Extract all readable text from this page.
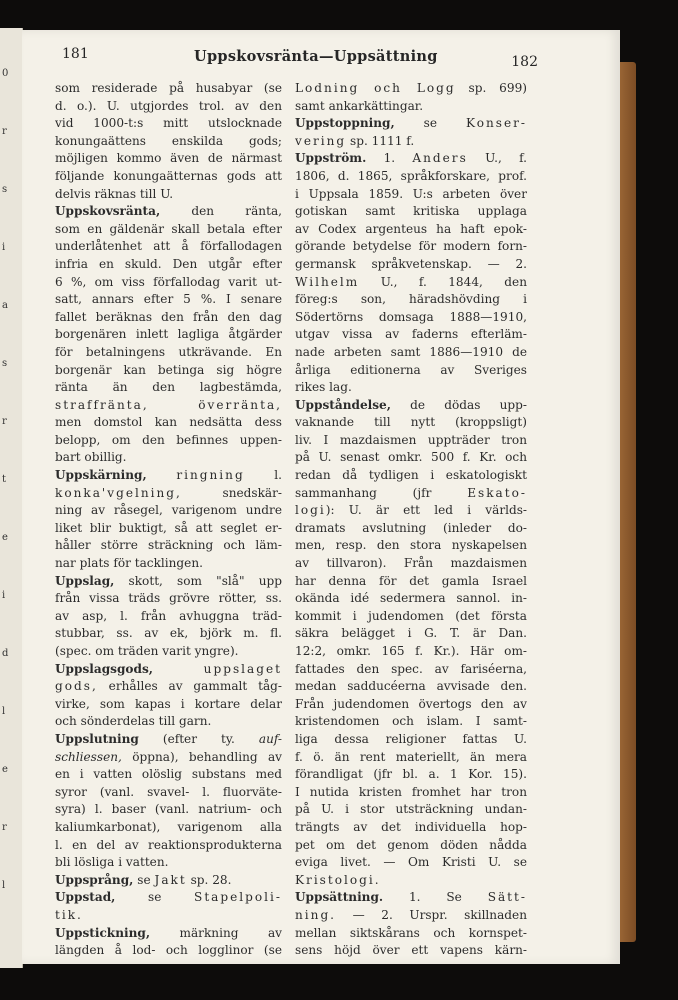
0
r
s
i
a
s
r
t
e
i
d
l
e
r
l
181	Uppskovsränta—Uppsättning	182
som residerade på husabyar (se
d. o.). U. utgjordes trol. av den
vid 1000-t:s mitt utslocknade
konungaättens enskilda gods;
möjligen kommo även de närmast
följande konungaätternas gods att
delvis räknas till U.
Uppskovsränta, den ränta,
som en gäldenär skall betala efter
underlåtenhet att å förfallodagen
infria en skuld. Den utgår efter
6 %, om viss förfallodag varit ut-
satt, annars efter 5 %. I senare
fallet beräknas den från den dag
borgenären inlett lagliga åtgärder
för betalningens utkrävande. En
borgenär kan betinga sig högre
ränta än den lagbestämda,
straffränta, överränta,
men domstol kan nedsätta dess
belopp, om den befinnes uppen-
bart obillig.
Uppskärning, ringning l.
konka'vgelning, snedskär-
ning av råsegel, varigenom undre
liket blir buktigt, så att seglet er-
håller större sträckning och läm-
nar plats för tacklingen.
Uppslag, skott, som "slå" upp
från vissa träds grövre rötter, ss.
av asp, l. från avhuggna träd-
stubbar, ss. av ek, björk m. fl.
(spec. om träden varit yngre).
Uppslagsgods,	uppslaget
gods, erhålles av gammalt tåg-
virke, som kapas i kortare delar
och sönderdelas till garn.
Uppslutning (efter ty. auf-
schliessen, öppna), behandling av
en i vatten olöslig substans med
syror (vanl. svavel- l. fluorväte-
syra) l. baser (vanl. natrium- och
kaliumkarbonat), varigenom alla
l. en del av reaktionsprodukterna
bli lösliga i vatten.
Uppsprång, se Jakt sp. 28.
Uppstad, se Stapelpoli-
tik.
Uppstickning, märkning av
längden å lod- och logglinor (se
Lodning och Logg sp. 699)
samt ankarkättingar.
Uppstoppning, se Konser-
vering sp. 1111 f.
Uppström. 1. Anders U., f.
1806, d. 1865, språkforskare, prof.
i Uppsala 1859. U:s arbeten över
gotiskan samt kritiska upplaga
av Codex argenteus ha haft epok-
görande betydelse för modern forn-
germansk språkvetenskap. — 2.
Wilhelm U., f. 1844, den
föreg:s son, häradshövding i
Södertörns domsaga 1888—1910,
utgav vissa av faderns efterläm-
nade arbeten samt 1886—1910 de
årliga editionerna av Sveriges
rikes lag.
Uppståndelse, de dödas upp-
vaknande till nytt (kroppsligt)
liv. I mazdaismen uppträder tron
på U. senast omkr. 500 f. Kr. och
redan då tydligen i eskatologiskt
sammanhang (jfr Eskato-
logi): U. är ett led i världs-
dramats avslutning (inleder do-
men, resp. den stora nyskapelsen
av tillvaron). Från mazdaismen
har denna för det gamla Israel
okända idé sedermera sannol. in-
kommit i judendomen (det första
säkra belägget i G. T. är Dan.
12:2, omkr. 165 f. Kr.). Här om-
fattades den spec. av fariséerna,
medan sadducéerna avvisade den.
Från judendomen övertogs den av
kristendomen och islam. I samt-
liga dessa religioner fattas U.
f. ö. än rent materiellt, än mera
förandligat (jfr bl. a. 1 Kor. 15).
I nutida kristen fromhet har tron
på U. i stor utsträckning undan-
trängts av det individuella hop-
pet om det genom döden nådda
eviga livet. — Om Kristi U. se
Kristologi.
Uppsättning. 1. Se Sätt-
ning. — 2. Urspr. skillnaden
mellan siktskårans och kornspet-
sens höjd över ett vapens kärn-
